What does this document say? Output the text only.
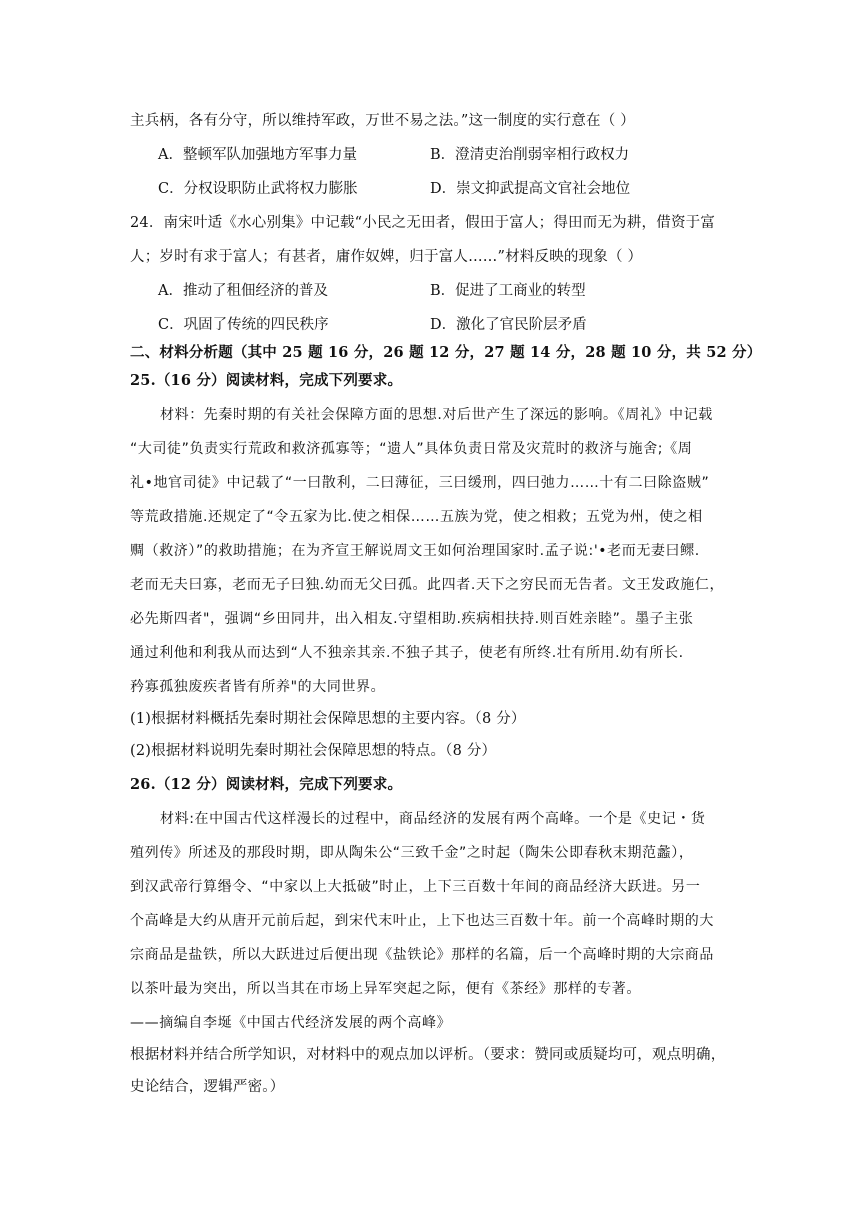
主兵柄，各有分守，所以维持军政，万世不易之法。”这一制度的实行意在（ ）
A．整顿军队加强地方军事力量	B．澄清吏治削弱宰相行政权力
C．分权设职防止武将权力膨胀	D．崇文抑武提高文官社会地位
24．南宋叶适《水心别集》中记载“小民之无田者，假田于富人；得田而无为耕，借资于富
人；岁时有求于富人；有甚者，庸作奴婢，归于富人……”材料反映的现象（ ）
A．推动了租佃经济的普及	B．促进了工商业的转型
C．巩固了传统的四民秩序	D．激化了官民阶层矛盾
二、材料分析题（其中 25 题 16 分，26 题 12 分，27 题 14 分，28 题 10 分，共 52 分）
25.（16 分）阅读材料，完成下列要求。
材料：先秦时期的有关社会保障方面的思想.对后世产生了深远的影响。《周礼》中记载
“大司徒”负责实行荒政和救济孤寡等；“遗人”具体负责日常及灾荒时的救济与施舍;《周
礼•地官司徒》中记载了“一曰散利，二曰薄征，三曰缓刑，四曰弛力……十有二曰除盗贼”
等荒政措施.还规定了“令五家为比.使之相保……五族为党，使之相救；五党为州，使之相
赒（救济）”的救助措施；在为齐宣王解说周文王如何治理国家时.孟子说:'•老而无妻曰鳏.
老而无夫曰寡，老而无子曰独.幼而无父曰孤。此四者.天下之穷民而无告者。文王发政施仁，
必先斯四者"，强调“乡田同井，出入相友.守望相助.疾病相扶持.则百姓亲睦”。墨子主张
通过利他和利我从而达到“人不独亲其亲.不独子其子，使老有所终.壮有所用.幼有所长.
矜寡孤独废疾者皆有所养"的大同世界。
(1)根据材料概括先秦时期社会保障思想的主要内容。（8 分）
(2)根据材料说明先秦时期社会保障思想的特点。（8 分）
26.（12 分）阅读材料，完成下列要求。
材料:在中国古代这样漫长的过程中，商品经济的发展有两个高峰。一个是《史记・货
殖列传》所述及的那段时期，即从陶朱公“三致千金”之时起（陶朱公即春秋末期范蠡），
到汉武帝行算缗令、“中家以上大抵破”时止，上下三百数十年间的商品经济大跃进。另一
个高峰是大约从唐开元前后起，到宋代末叶止，上下也达三百数十年。前一个高峰时期的大
宗商品是盐铁，所以大跃进过后便出现《盐铁论》那样的名篇，后一个高峰时期的大宗商品
以茶叶最为突出，所以当其在市场上异军突起之际，便有《茶经》那样的专著。
——摘编自李埏《中国古代经济发展的两个高峰》
根据材料并结合所学知识，对材料中的观点加以评析。（要求：赞同或质疑均可，观点明确，
史论结合，逻辑严密。）
